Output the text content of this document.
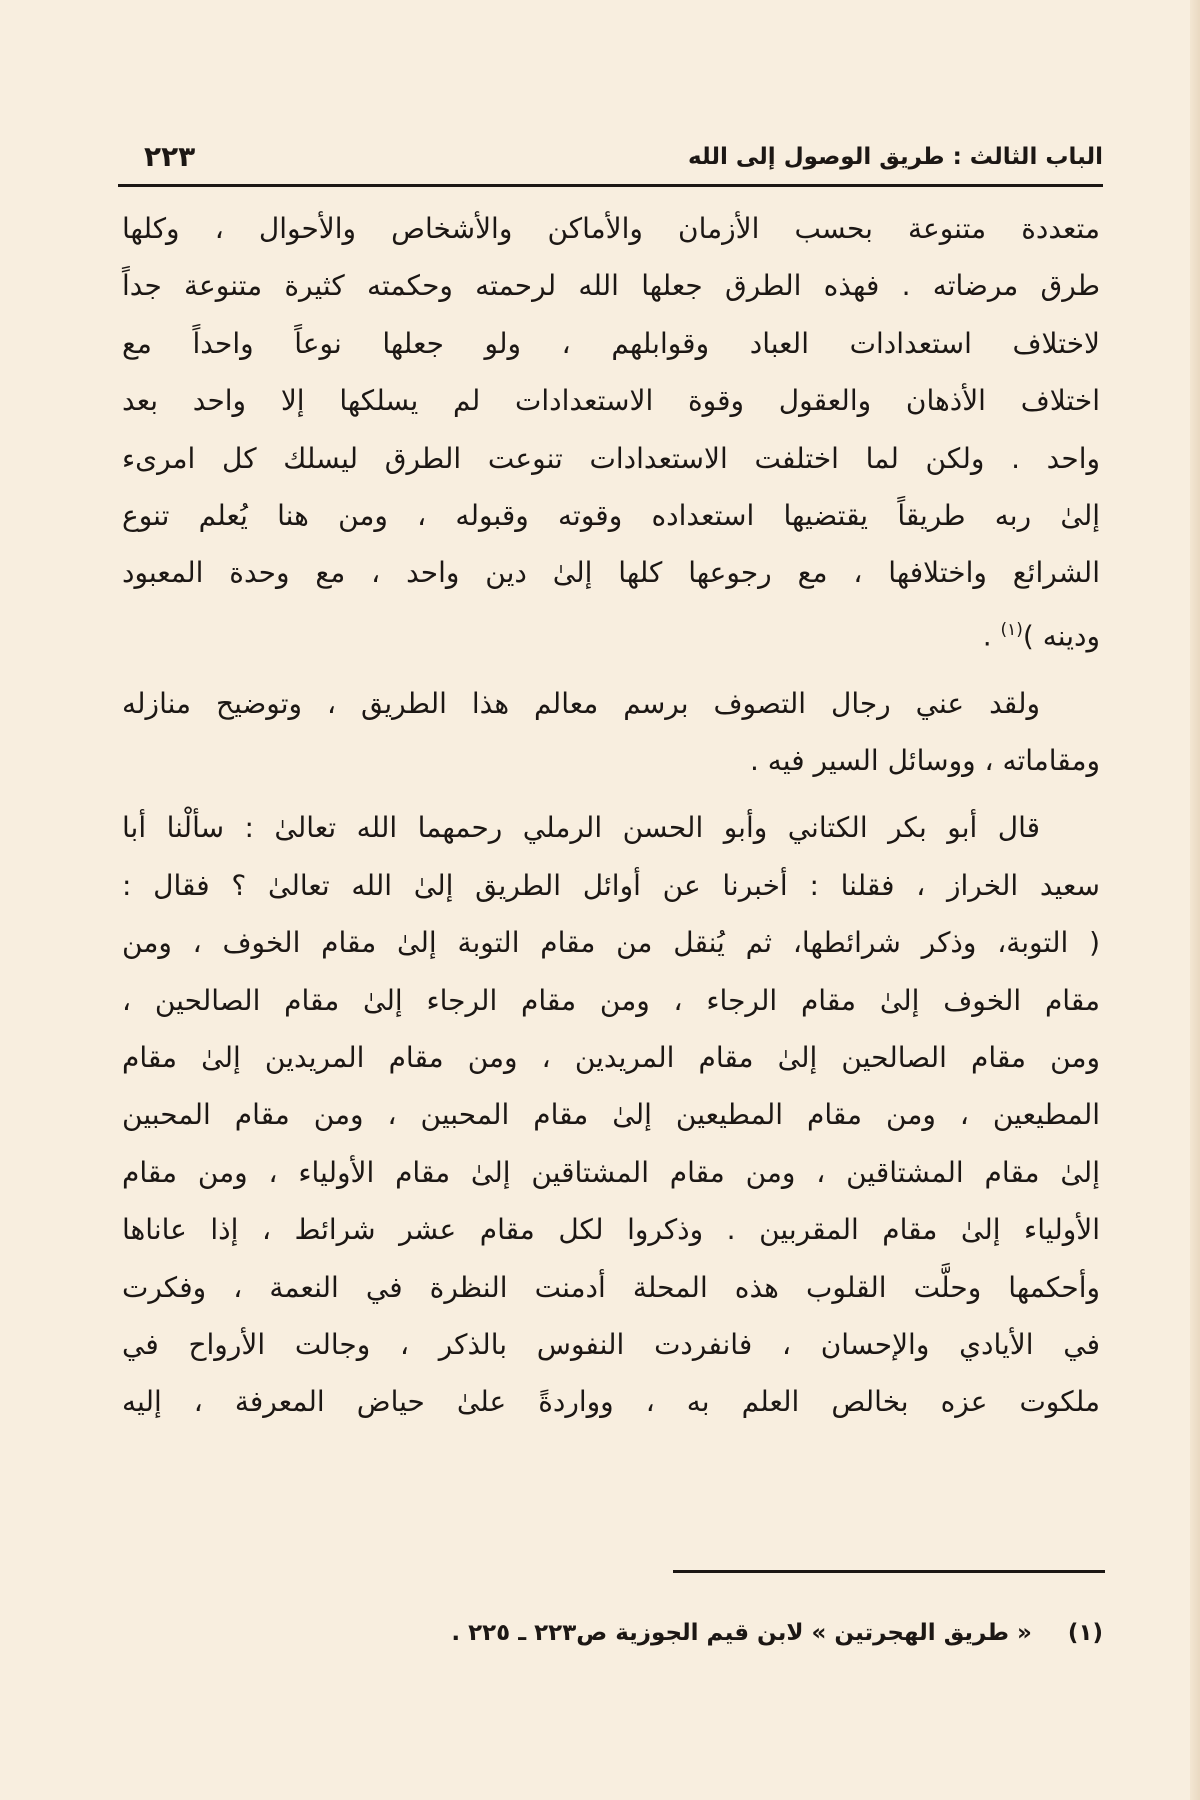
الباب الثالث : طريق الوصول إلى الله
٢٢٣

متعددة متنوعة بحسب الأزمان والأماكن والأشخاص والأحوال ، وكلها
طرق مرضاته . فهذه الطرق جعلها الله لرحمته وحكمته كثيرة متنوعة جداً
لاختلاف استعدادات العباد وقوابلهم ، ولو جعلها نوعاً واحداً مع
اختلاف الأذهان والعقول وقوة الاستعدادات لم يسلكها إلا واحد بعد
واحد . ولكن لما اختلفت الاستعدادات تنوعت الطرق ليسلك كل امرىء
إلىٰ ربه طريقاً يقتضيها استعداده وقوته وقبوله ، ومن هنا يُعلم تنوع
الشرائع واختلافها ، مع رجوعها كلها إلىٰ دين واحد ، مع وحدة المعبود
ودينه )$^{(١)}$ .

ولقد عني رجال التصوف برسم معالم هذا الطريق ، وتوضيح منازله
ومقاماته ، ووسائل السير فيه .

قال أبو بكر الكتاني وأبو الحسن الرملي رحمهما الله تعالىٰ : سألْنا أبا
سعيد الخراز ، فقلنا : أخبرنا عن أوائل الطريق إلىٰ الله تعالىٰ ؟ فقال :
( التوبة، وذكر شرائطها، ثم يُنقل من مقام التوبة إلىٰ مقام الخوف ، ومن
مقام الخوف إلىٰ مقام الرجاء ، ومن مقام الرجاء إلىٰ مقام الصالحين ،
ومن مقام الصالحين إلىٰ مقام المريدين ، ومن مقام المريدين إلىٰ مقام
المطيعين ، ومن مقام المطيعين إلىٰ مقام المحبين ، ومن مقام المحبين
إلىٰ مقام المشتاقين ، ومن مقام المشتاقين إلىٰ مقام الأولياء ، ومن مقام
الأولياء إلىٰ مقام المقربين . وذكروا لكل مقام عشر شرائط ، إذا عاناها
وأحكمها وحلَّت القلوب هذه المحلة أدمنت النظرة في النعمة ، وفكرت
في الأيادي والإحسان ، فانفردت النفوس بالذكر ، وجالت الأرواح في
ملكوت عزه بخالص العلم به ، وواردةً علىٰ حياض المعرفة ، إليه

(١) « طريق الهجرتين » لابن قيم الجوزية ص٢٢٣ ـ ٢٢٥ .
